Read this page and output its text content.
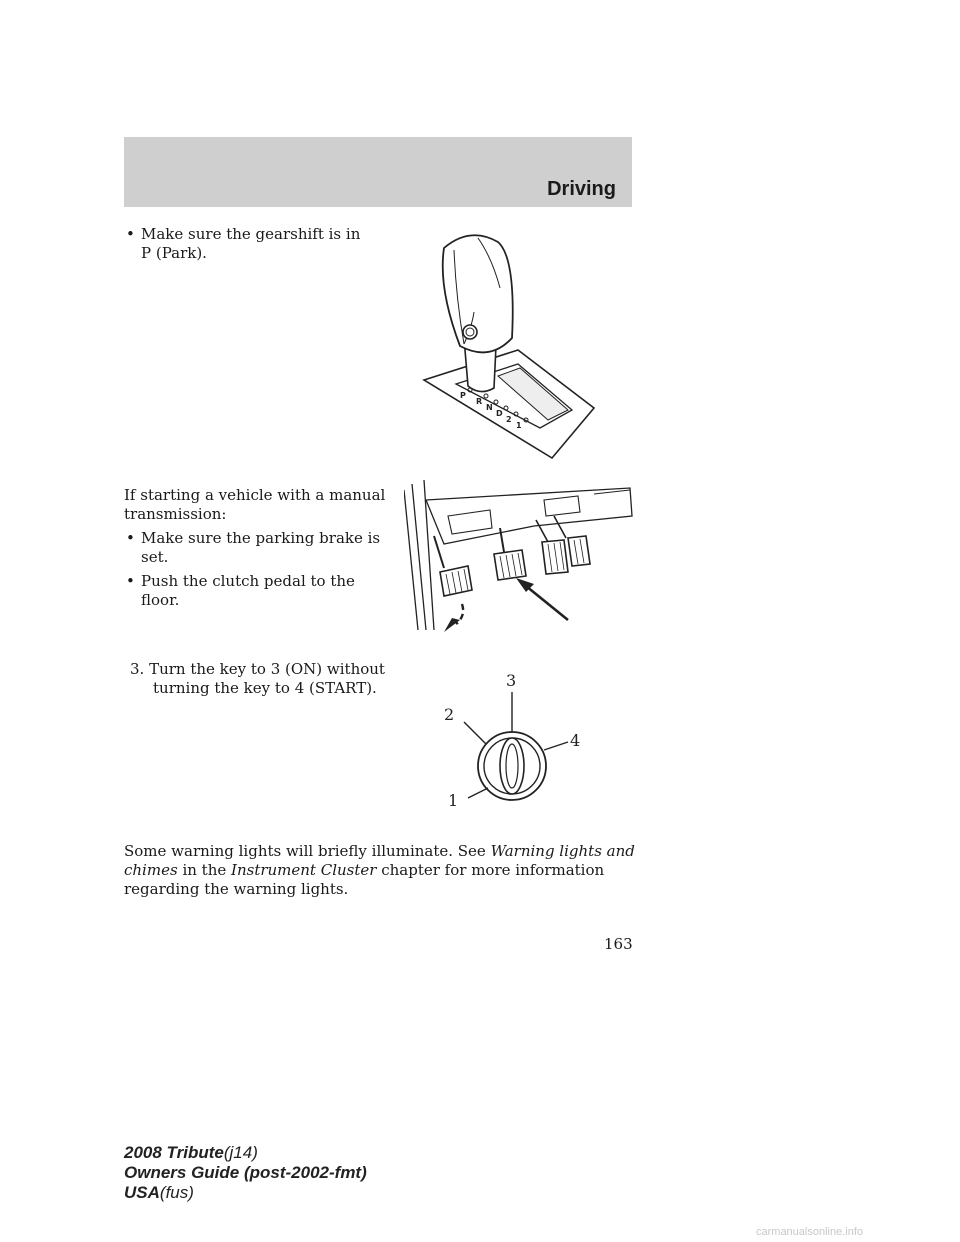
Driving
• Make sure the gearshift is in
P (Park).
P
R
N
D
2
1
If starting a vehicle with a manual
transmission:
• Make sure the parking brake is
set.
• Push the clutch pedal to the
floor.
3. Turn the key to 3 (ON) without
turning the key to 4 (START).
1
2
3
4
Some warning lights will briefly illuminate. See Warning lights and
chimes in the Instrument Cluster chapter for more information
regarding the warning lights.
163
2008 Tribute(j14)
Owners Guide (post-2002-fmt)
USA(fus)
carmanualsonline.info
